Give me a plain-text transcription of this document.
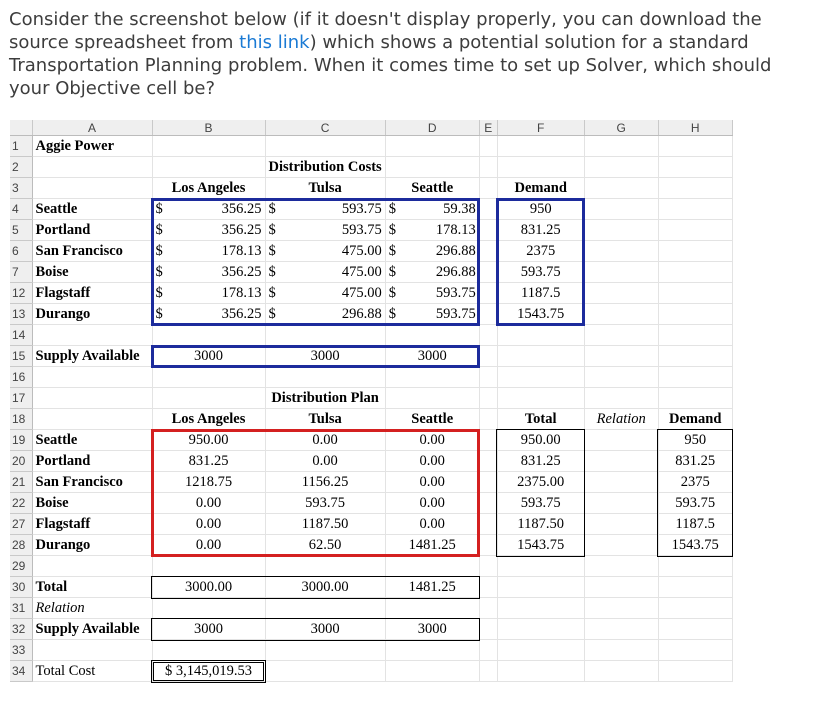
Consider the screenshot below (if it doesn't display properly, you can download the source spreadsheet from this link) which shows a potential solution for a standard Transportation Planning problem. When it comes time to set up Solver, which should your Objective cell be?
	A	B	C	D	E	F	G	H
1	Aggie Power							
2			Distribution Costs					
3		Los Angeles	Tulsa	Seattle		Demand		
4	Seattle	$ 356.25	$ 593.75	$ 59.38		950		
5	Portland	$ 356.25	$ 593.75	$ 178.13		831.25		
6	San Francisco	$ 178.13	$ 475.00	$ 296.88		2375		
7	Boise	$ 356.25	$ 475.00	$ 296.88		593.75		
12	Flagstaff	$ 178.13	$ 475.00	$ 593.75		1187.5		
13	Durango	$ 356.25	$ 296.88	$ 593.75		1543.75		
14								
15	Supply Available	3000	3000	3000				
16								
17			Distribution Plan					
18		Los Angeles	Tulsa	Seattle		Total	Relation	Demand
19	Seattle	950.00	0.00	0.00		950.00		950
20	Portland	831.25	0.00	0.00		831.25		831.25
21	San Francisco	1218.75	1156.25	0.00		2375.00		2375
22	Boise	0.00	593.75	0.00		593.75		593.75
27	Flagstaff	0.00	1187.50	0.00		1187.50		1187.5
28	Durango	0.00	62.50	1481.25		1543.75		1543.75
29								
30	Total	3000.00	3000.00	1481.25				
31	Relation							
32	Supply Available	3000	3000	3000				
33								
34	Total Cost	$ 3,145,019.53						
